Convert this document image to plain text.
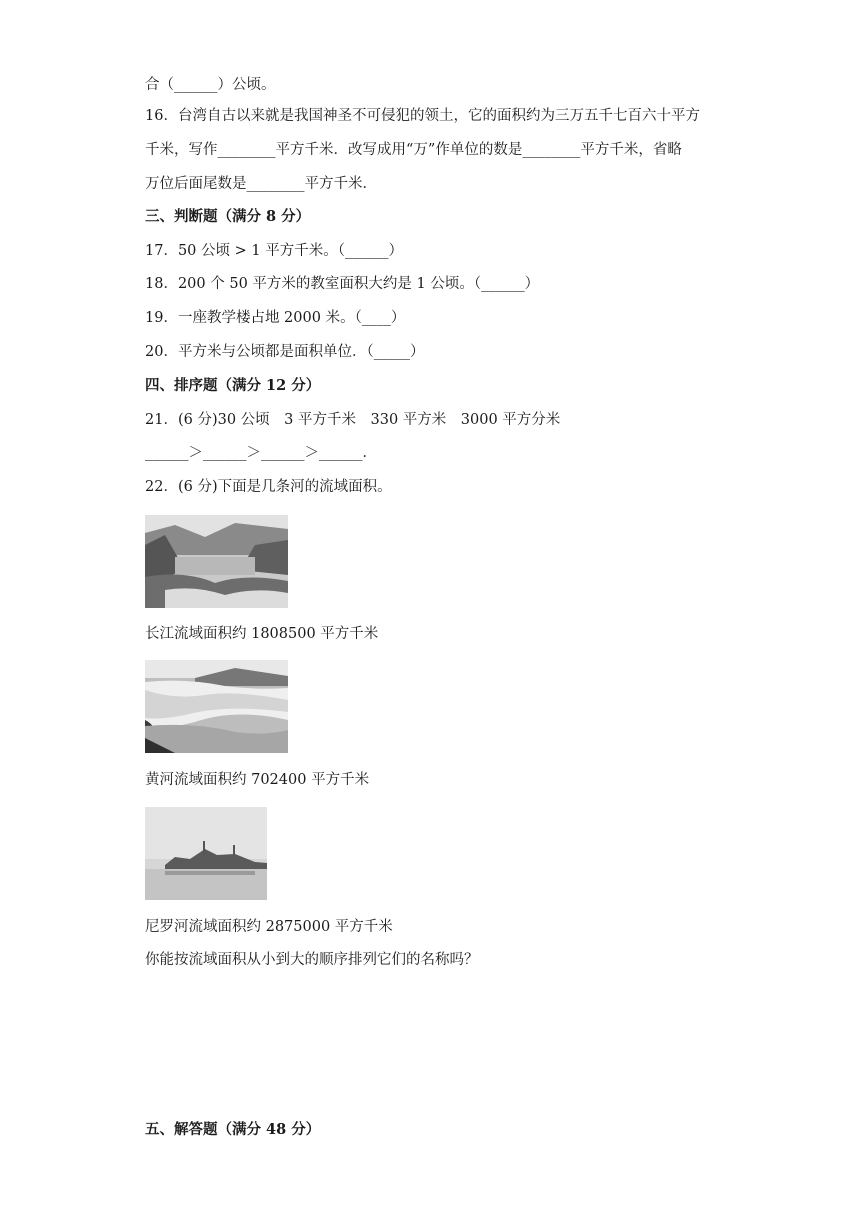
合（______）公顷。
16．台湾自古以来就是我国神圣不可侵犯的领土，它的面积约为三万五千七百六十平方
千米，写作________平方千米．改写成用“万”作单位的数是________平方千米，省略
万位后面尾数是________平方千米．
三、判断题（满分 8 分）
17．50 公顷 > 1 平方千米。（______）
18．200 个 50 平方米的教室面积大约是 1 公顷。（______）
19．一座教学楼占地 2000 米。（____）
20．平方米与公顷都是面积单位．（_____）
四、排序题（满分 12 分）
21．(6 分)30 公顷　3 平方千米　330 平方米　3000 平方分米
______＞______＞______＞______．
22．(6 分)下面是几条河的流域面积。
长江流域面积约 1808500 平方千米
黄河流域面积约 702400 平方千米
尼罗河流域面积约 2875000 平方千米
你能按流域面积从小到大的顺序排列它们的名称吗？
五、解答题（满分 48 分）
